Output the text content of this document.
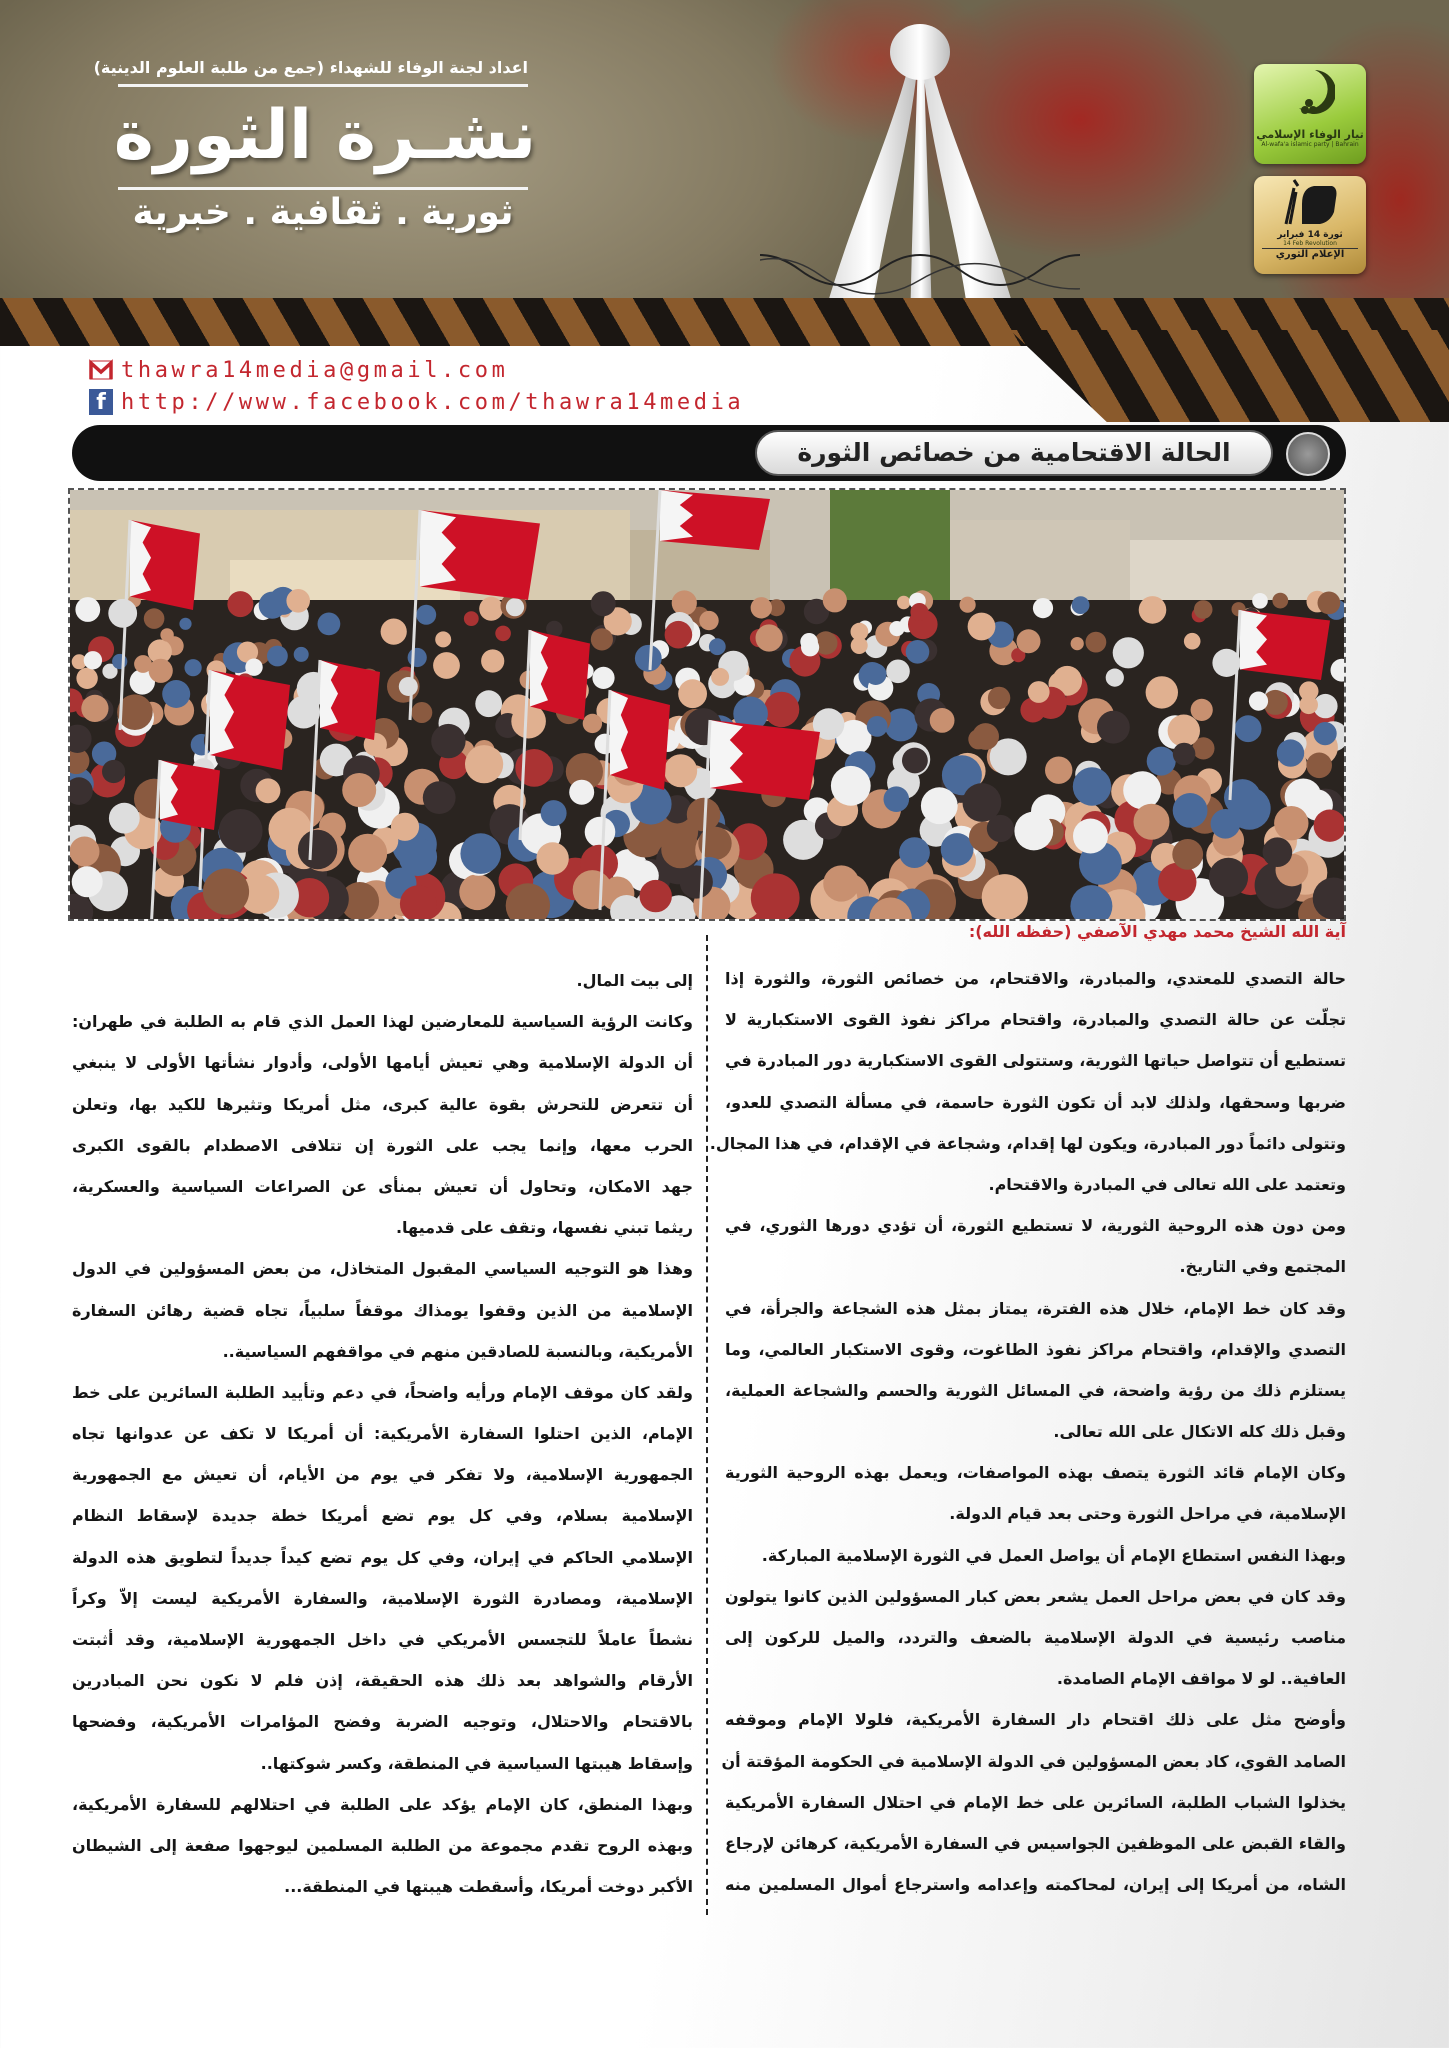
اعداد لجنة الوفاء للشهداء (جمع من طلبة العلوم الدينية)
نشـرة الثورة
ثورية . ثقافية . خبرية
تيار الوفاء الإسلامي
Al-wafa'a islamic party | Bahrain
ثورة 14 فبراير
14 Feb Revolution
الإعلام الثوري
thawra14media@gmail.com
f http://www.facebook.com/thawra14media
الحالة الاقتحامية من خصائص الثورة
آية الله الشيخ محمد مهدي الآصفي (حفظه الله):
حالة التصدي للمعتدي، والمبادرة، والاقتحام، من خصائص الثورة، والثورة إذا
تجلّت عن حالة التصدي والمبادرة، واقتحام مراكز نفوذ القوى الاستكبارية لا
تستطيع أن تتواصل حياتها الثورية، وستتولى القوى الاستكبارية دور المبادرة في
ضربها وسحقها، ولذلك لابد أن تكون الثورة حاسمة، في مسألة التصدي للعدو،
وتتولى دائماً دور المبادرة، ويكون لها إقدام، وشجاعة في الإقدام، في هذا المجال.
وتعتمد على الله تعالى في المبادرة والاقتحام.
ومن دون هذه الروحية الثورية، لا تستطيع الثورة، أن تؤدي دورها الثوري، في
المجتمع وفي التاريخ.
وقد كان خط الإمام، خلال هذه الفترة، يمتاز بمثل هذه الشجاعة والجرأة، في
التصدي والإقدام، واقتحام مراكز نفوذ الطاغوت، وقوى الاستكبار العالمي، وما
يستلزم ذلك من رؤية واضحة، في المسائل الثورية والحسم والشجاعة العملية،
وقبل ذلك كله الاتكال على الله تعالى.
وكان الإمام قائد الثورة يتصف بهذه المواصفات، ويعمل بهذه الروحية الثورية
الإسلامية، في مراحل الثورة وحتى بعد قيام الدولة.
وبهذا النفس استطاع الإمام أن يواصل العمل في الثورة الإسلامية المباركة.
وقد كان في بعض مراحل العمل يشعر بعض كبار المسؤولين الذين كانوا يتولون
مناصب رئيسية في الدولة الإسلامية بالضعف والتردد، والميل للركون إلى
العافية.. لو لا مواقف الإمام الصامدة.
وأوضح مثل على ذلك اقتحام دار السفارة الأمريكية، فلولا الإمام وموقفه
الصامد القوي، كاد بعض المسؤولين في الدولة الإسلامية في الحكومة المؤقتة أن
يخذلوا الشباب الطلبة، السائرين على خط الإمام في احتلال السفارة الأمريكية
والقاء القبض على الموظفين الجواسيس في السفارة الأمريكية، كرهائن لإرجاع
الشاه، من أمريكا إلى إيران، لمحاكمته وإعدامه واسترجاع أموال المسلمين منه
إلى بيت المال.
وكانت الرؤية السياسية للمعارضين لهذا العمل الذي قام به الطلبة في طهران:
أن الدولة الإسلامية وهي تعيش أيامها الأولى، وأدوار نشأتها الأولى لا ينبغي
أن تتعرض للتحرش بقوة عالية كبرى، مثل أمريكا وتثيرها للكيد بها، وتعلن
الحرب معها، وإنما يجب على الثورة إن تتلافى الاصطدام بالقوى الكبرى
جهد الامكان، وتحاول أن تعيش بمنأى عن الصراعات السياسية والعسكرية،
ريثما تبني نفسها، وتقف على قدميها.
وهذا هو التوجيه السياسي المقبول المتخاذل، من بعض المسؤولين في الدول
الإسلامية من الذين وقفوا يومذاك موقفاً سلبياً، تجاه قضية رهائن السفارة
الأمريكية، وبالنسبة للصادقين منهم في مواقفهم السياسية..
ولقد كان موقف الإمام ورأيه واضحاً، في دعم وتأييد الطلبة السائرين على خط
الإمام، الذين احتلوا السفارة الأمريكية: أن أمريكا لا تكف عن عدوانها تجاه
الجمهورية الإسلامية، ولا تفكر في يوم من الأيام، أن تعيش مع الجمهورية
الإسلامية بسلام، وفي كل يوم تضع أمريكا خطة جديدة لإسقاط النظام
الإسلامي الحاكم في إيران، وفي كل يوم تضع كيداً جديداً لتطويق هذه الدولة
الإسلامية، ومصادرة الثورة الإسلامية، والسفارة الأمريكية ليست إلاّ وكراً
نشطاً عاملاً للتجسس الأمريكي في داخل الجمهورية الإسلامية، وقد أثبتت
الأرقام والشواهد بعد ذلك هذه الحقيقة، إذن فلم لا نكون نحن المبادرين
بالاقتحام والاحتلال، وتوجيه الضربة وفضح المؤامرات الأمريكية، وفضحها
وإسقاط هيبتها السياسية في المنطقة، وكسر شوكتها..
وبهذا المنطق، كان الإمام يؤكد على الطلبة في احتلالهم للسفارة الأمريكية،
وبهذه الروح تقدم مجموعة من الطلبة المسلمين ليوجهوا صفعة إلى الشيطان
الأكبر دوخت أمريكا، وأسقطت هيبتها في المنطقة...
